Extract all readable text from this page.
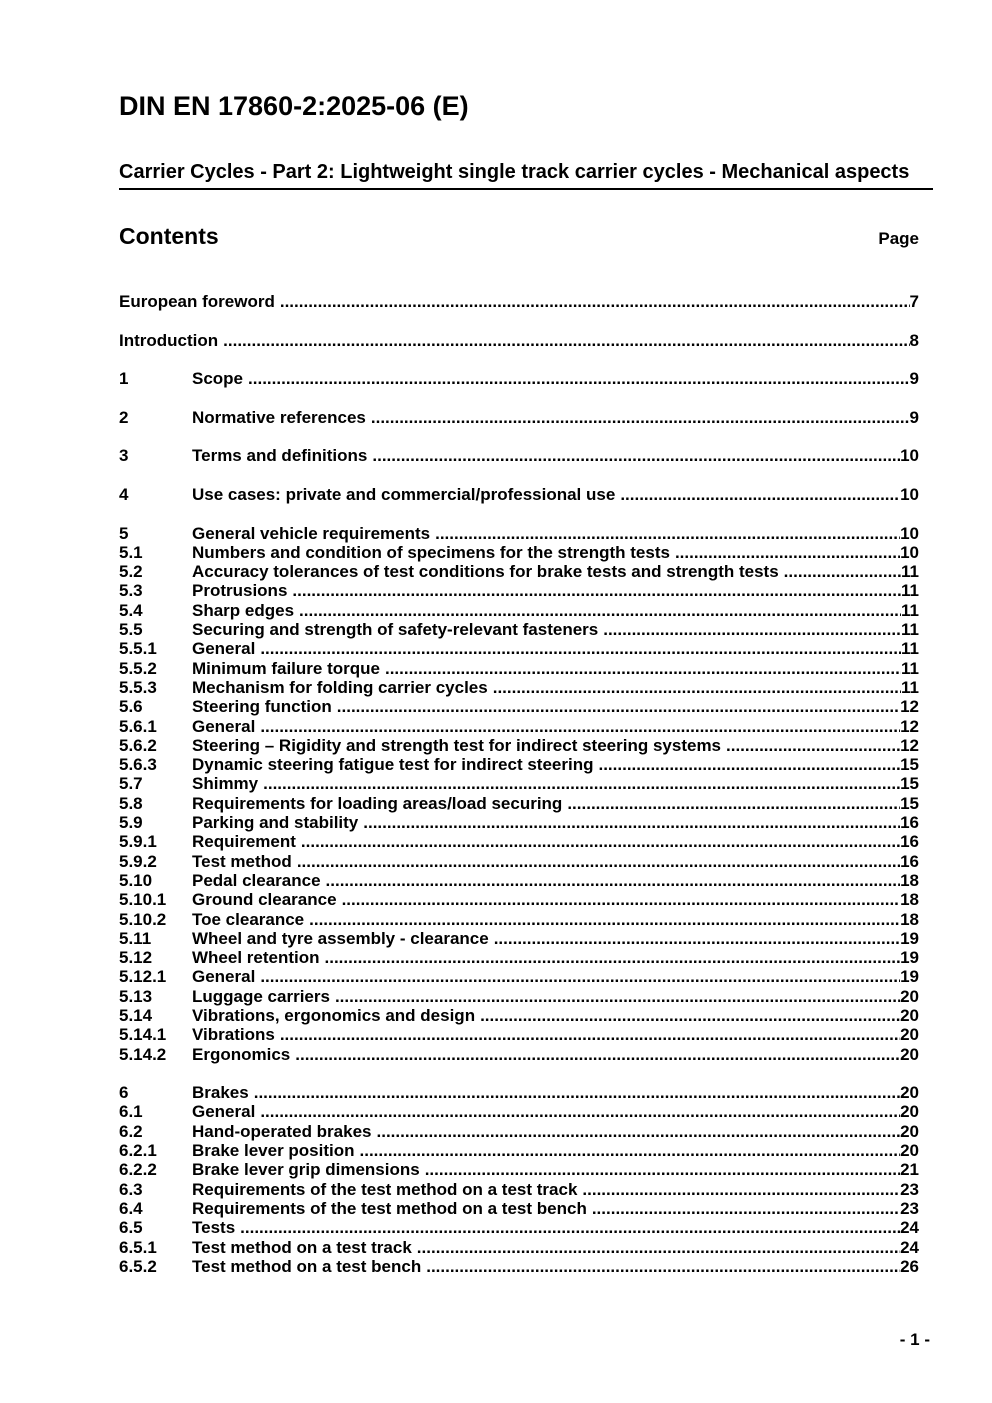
DIN EN 17860-2:2025-06 (E)
Carrier Cycles - Part 2: Lightweight single track carrier cycles - Mechanical aspects
Contents	Page
European foreword .....	7
Introduction .....	8
1	Scope .....	9
2	Normative references .....	9
3	Terms and definitions .....	10
4	Use cases: private and commercial/professional use .....	10
5	General vehicle requirements .....	10
5.1	Numbers and condition of specimens for the strength tests .....	10
5.2	Accuracy tolerances of test conditions for brake tests and strength tests .....	11
5.3	Protrusions .....	11
5.4	Sharp edges .....	11
5.5	Securing and strength of safety-relevant fasteners .....	11
5.5.1	General .....	11
5.5.2	Minimum failure torque .....	11
5.5.3	Mechanism for folding carrier cycles .....	11
5.6	Steering function .....	12
5.6.1	General .....	12
5.6.2	Steering – Rigidity and strength test for indirect steering systems .....	12
5.6.3	Dynamic steering fatigue test for indirect steering .....	15
5.7	Shimmy .....	15
5.8	Requirements for loading areas/load securing .....	15
5.9	Parking and stability .....	16
5.9.1	Requirement .....	16
5.9.2	Test method .....	16
5.10	Pedal clearance .....	18
5.10.1	Ground clearance .....	18
5.10.2	Toe clearance .....	18
5.11	Wheel and tyre assembly - clearance .....	19
5.12	Wheel retention .....	19
5.12.1	General .....	19
5.13	Luggage carriers .....	20
5.14	Vibrations, ergonomics and design .....	20
5.14.1	Vibrations .....	20
5.14.2	Ergonomics .....	20
6	Brakes .....	20
6.1	General .....	20
6.2	Hand-operated brakes .....	20
6.2.1	Brake lever position .....	20
6.2.2	Brake lever grip dimensions .....	21
6.3	Requirements of the test method on a test track .....	23
6.4	Requirements of the test method on a test bench .....	23
6.5	Tests .....	24
6.5.1	Test method on a test track .....	24
6.5.2	Test method on a test bench .....	26
- 1 -
